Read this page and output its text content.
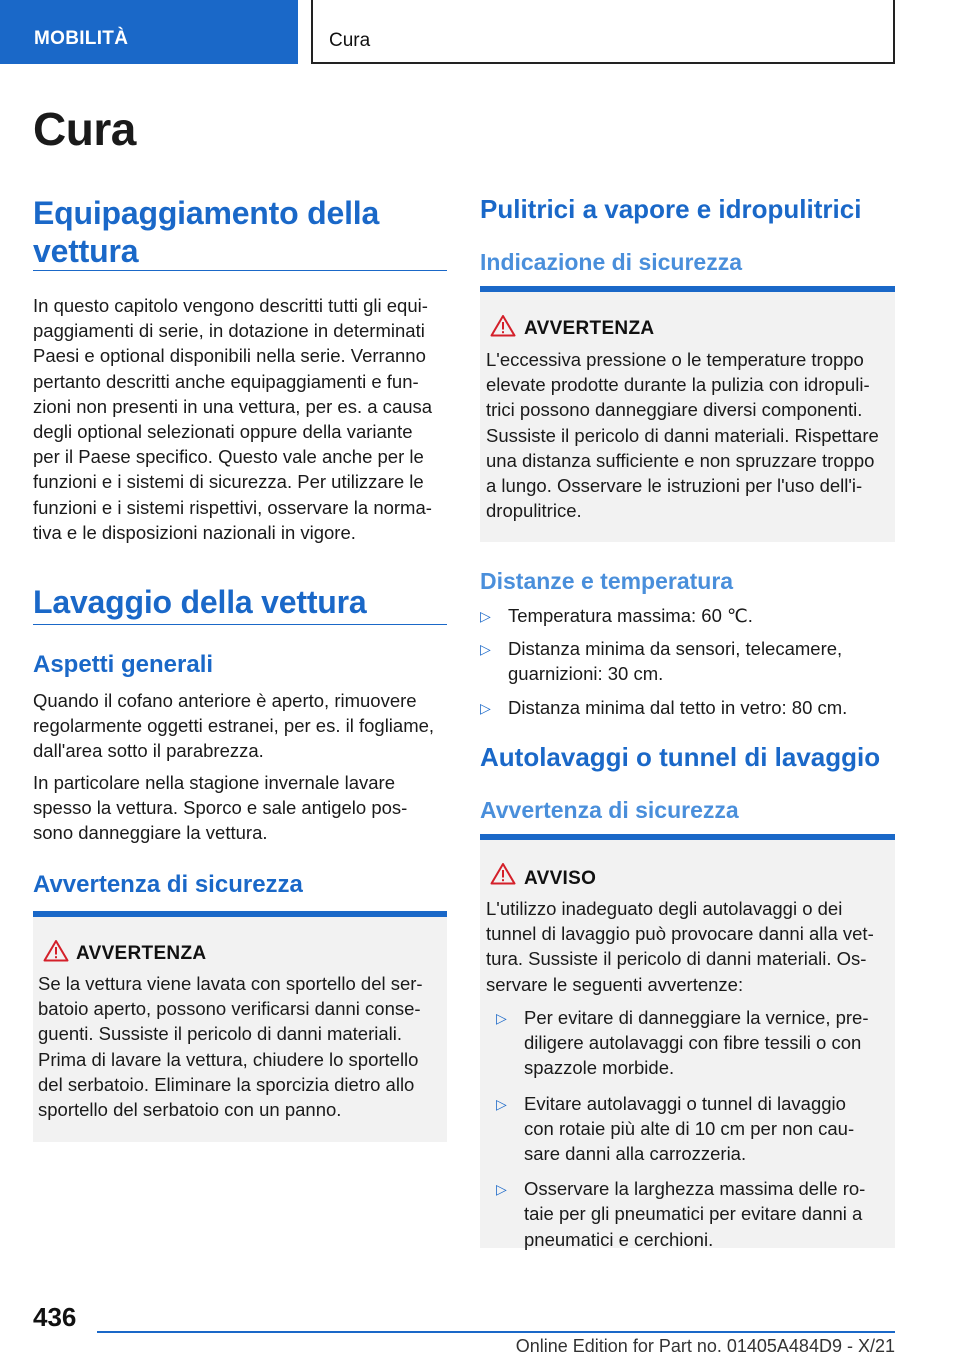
MOBILITÀ	Cura
Cura
Equipaggiamento della
vettura
In questo capitolo vengono descritti tutti gli equi-
paggiamenti di serie, in dotazione in determinati
Paesi e optional disponibili nella serie. Verranno
pertanto descritti anche equipaggiamenti e fun-
zioni non presenti in una vettura, per es. a causa
degli optional selezionati oppure della variante
per il Paese specifico. Questo vale anche per le
funzioni e i sistemi di sicurezza. Per utilizzare le
funzioni e i sistemi rispettivi, osservare la norma-
tiva e le disposizioni nazionali in vigore.
Lavaggio della vettura
Aspetti generali
Quando il cofano anteriore è aperto, rimuovere
regolarmente oggetti estranei, per es. il fogliame,
dall'area sotto il parabrezza.
In particolare nella stagione invernale lavare
spesso la vettura. Sporco e sale antigelo pos-
sono danneggiare la vettura.
Avvertenza di sicurezza
AVVERTENZA
Se la vettura viene lavata con sportello del ser-
batoio aperto, possono verificarsi danni conse-
guenti. Sussiste il pericolo di danni materiali.
Prima di lavare la vettura, chiudere lo sportello
del serbatoio. Eliminare la sporcizia dietro allo
sportello del serbatoio con un panno.
Pulitrici a vapore e idropulitrici
Indicazione di sicurezza
AVVERTENZA
L'eccessiva pressione o le temperature troppo
elevate prodotte durante la pulizia con idropuli-
trici possono danneggiare diversi componenti.
Sussiste il pericolo di danni materiali. Rispettare
una distanza sufficiente e non spruzzare troppo
a lungo. Osservare le istruzioni per l'uso dell'i-
dropulitrice.
Distanze e temperatura
▷ Temperatura massima: 60 ℃.
▷ Distanza minima da sensori, telecamere,
guarnizioni: 30 cm.
▷ Distanza minima dal tetto in vetro: 80 cm.
Autolavaggi o tunnel di lavaggio
Avvertenza di sicurezza
AVVISO
L'utilizzo inadeguato degli autolavaggi o dei
tunnel di lavaggio può provocare danni alla vet-
tura. Sussiste il pericolo di danni materiali. Os-
servare le seguenti avvertenze:
▷ Per evitare di danneggiare la vernice, pre-
diligere autolavaggi con fibre tessili o con
spazzole morbide.
▷ Evitare autolavaggi o tunnel di lavaggio
con rotaie più alte di 10 cm per non cau-
sare danni alla carrozzeria.
▷ Osservare la larghezza massima delle ro-
taie per gli pneumatici per evitare danni a
pneumatici e cerchioni.
436
Online Edition for Part no. 01405A484D9 - X/21
